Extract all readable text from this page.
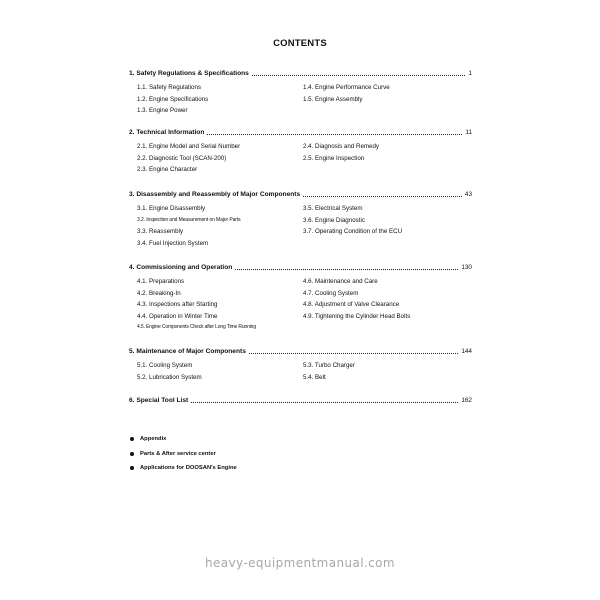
CONTENTS
1. Safety Regulations & Specifications	1
1.1. Safety Regulations	1.4. Engine Performance Curve
1.2. Engine Specifications	1.5. Engine Assembly
1.3. Engine Power
2. Technical Information	11
2.1. Engine Model and Serial Number	2.4. Diagnosis and Remedy
2.2. Diagnostic Tool (SCAN-200)	2.5. Engine Inspection
2.3. Engine Character
3. Disassembly and Reassembly of Major Components	43
3.1. Engine Disassembly	3.5. Electrical System
3.2. Inspection and Measurement on Major Parts	3.6. Engine Diagnostic
3.3. Reassembly	3.7. Operating Condition of the ECU
3.4. Fuel Injection System
4. Commissioning and Operation	130
4.1. Preparations	4.6. Maintenance and Care
4.2. Breaking-In	4.7. Cooling System
4.3. Inspections after Starting	4.8. Adjustment of Valve Clearance
4.4. Operation in Winter Time	4.9. Tightening the Cylinder Head Bolts
4.5. Engine Components Check after Long Time Running
5. Maintenance of Major Components	144
5.1. Cooling System	5.3. Turbo Charger
5.2. Lubrication System	5.4. Belt
6. Special Tool List	162
Appendix
Parts & After service center
Applications for DOOSAN's Engine
heavy-equipmentmanual.com
